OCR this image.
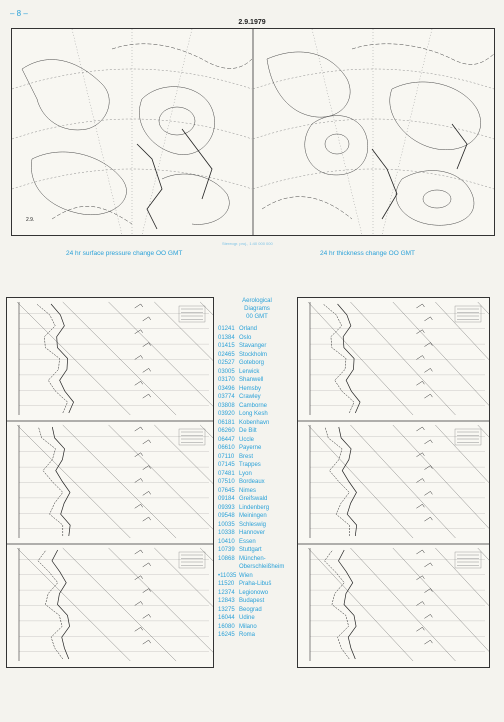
– 8 –
2.9.1979
2.9.
Stereogr. proj., 1:40 000 000
24 hr surface pressure change OO GMT	24 hr thickness change OO GMT
Aerological
Diagrams
00 GMT
01241 Orland
01384 Oslo
01415 Stavanger
02465 Stockholm
02527 Goteborg
03005 Lerwick
03170 Shanwell
03496 Hemsby
03774 Crawley
03808 Camborne
03920 Long Kesh
06181 Kobenhavn
06260 De Bilt
06447 Uccle
06610 Payerne
07110 Brest
07145 Trappes
07481 Lyon
07510 Bordeaux
07645 Nimes
09184 Greifswald
09393 Lindenberg
09548 Meiningen
10035 Schleswig
10338 Hannover
10410 Essen
10739 Stuttgart
10868 München-
Oberschleißheim
•11035 Wien
11520 Praha-Libuš
12374 Legionowo
12843 Budapest
13275 Beograd
16044 Udine
16080 Milano
16245 Roma
